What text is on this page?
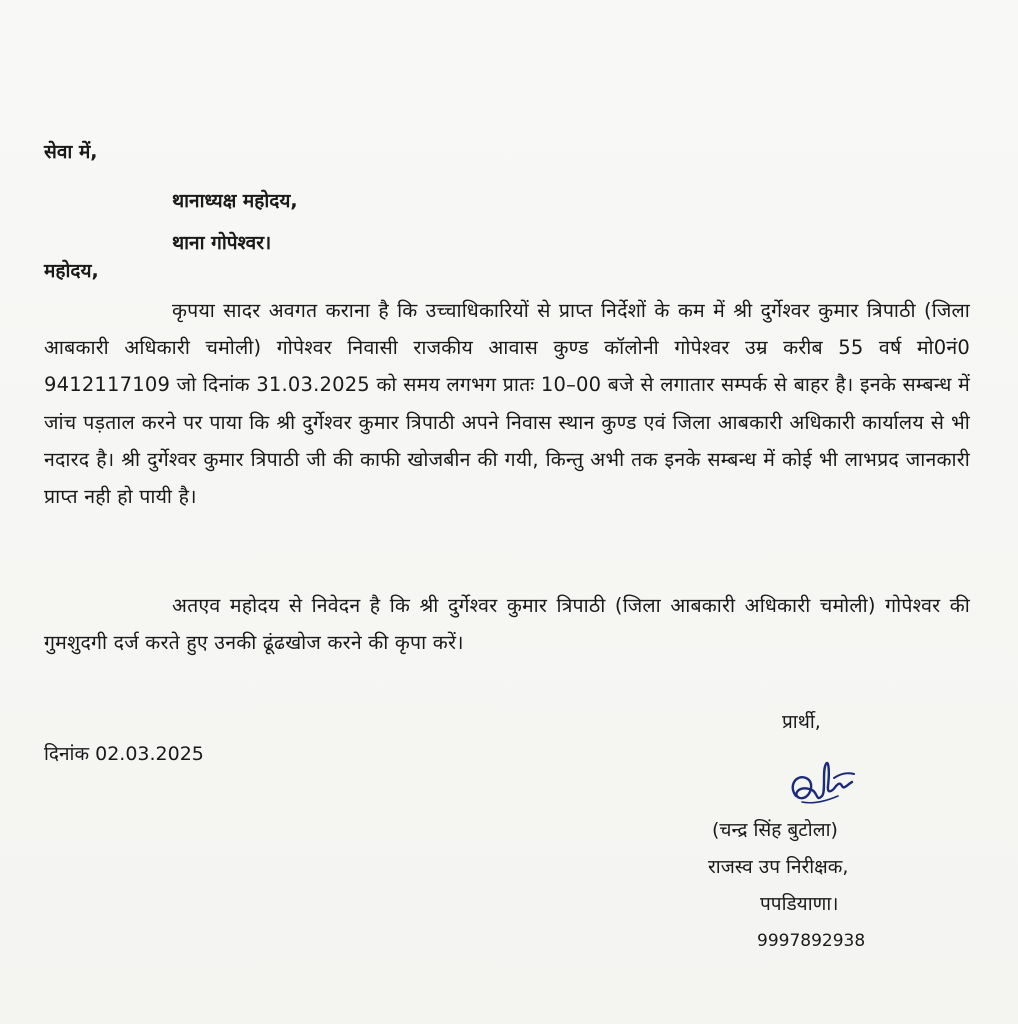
सेवा में,
थानाध्यक्ष महोदय,
थाना गोपेश्वर।
महोदय,
कृपया सादर अवगत कराना है कि उच्चाधिकारियों से प्राप्त निर्देशों के कम में श्री दुर्गेश्वर कुमार त्रिपाठी (जिला आबकारी अधिकारी चमोली) गोपेश्वर निवासी राजकीय आवास कुण्ड कॉलोनी गोपेश्वर उम्र करीब 55 वर्ष मो0नं0 9412117109 जो दिनांक 31.03.2025 को समय लगभग प्रातः 10–00 बजे से लगातार सम्पर्क से बाहर है। इनके सम्बन्ध में जांच पड़ताल करने पर पाया कि श्री दुर्गेश्वर कुमार त्रिपाठी अपने निवास स्थान कुण्ड एवं जिला आबकारी अधिकारी कार्यालय से भी नदारद है। श्री दुर्गेश्वर कुमार त्रिपाठी जी की काफी खोजबीन की गयी, किन्तु अभी तक इनके सम्बन्ध में कोई भी लाभप्रद जानकारी प्राप्त नही हो पायी है।
अतएव महोदय से निवेदन है कि श्री दुर्गेश्वर कुमार त्रिपाठी (जिला आबकारी अधिकारी चमोली) गोपेश्वर की गुमशुदगी दर्ज करते हुए उनकी ढूंढखोज करने की कृपा करें।
दिनांक 02.03.2025
प्रार्थी,
(चन्द्र सिंह बुटोला)
राजस्व उप निरीक्षक,
पपडियाणा।
9997892938
